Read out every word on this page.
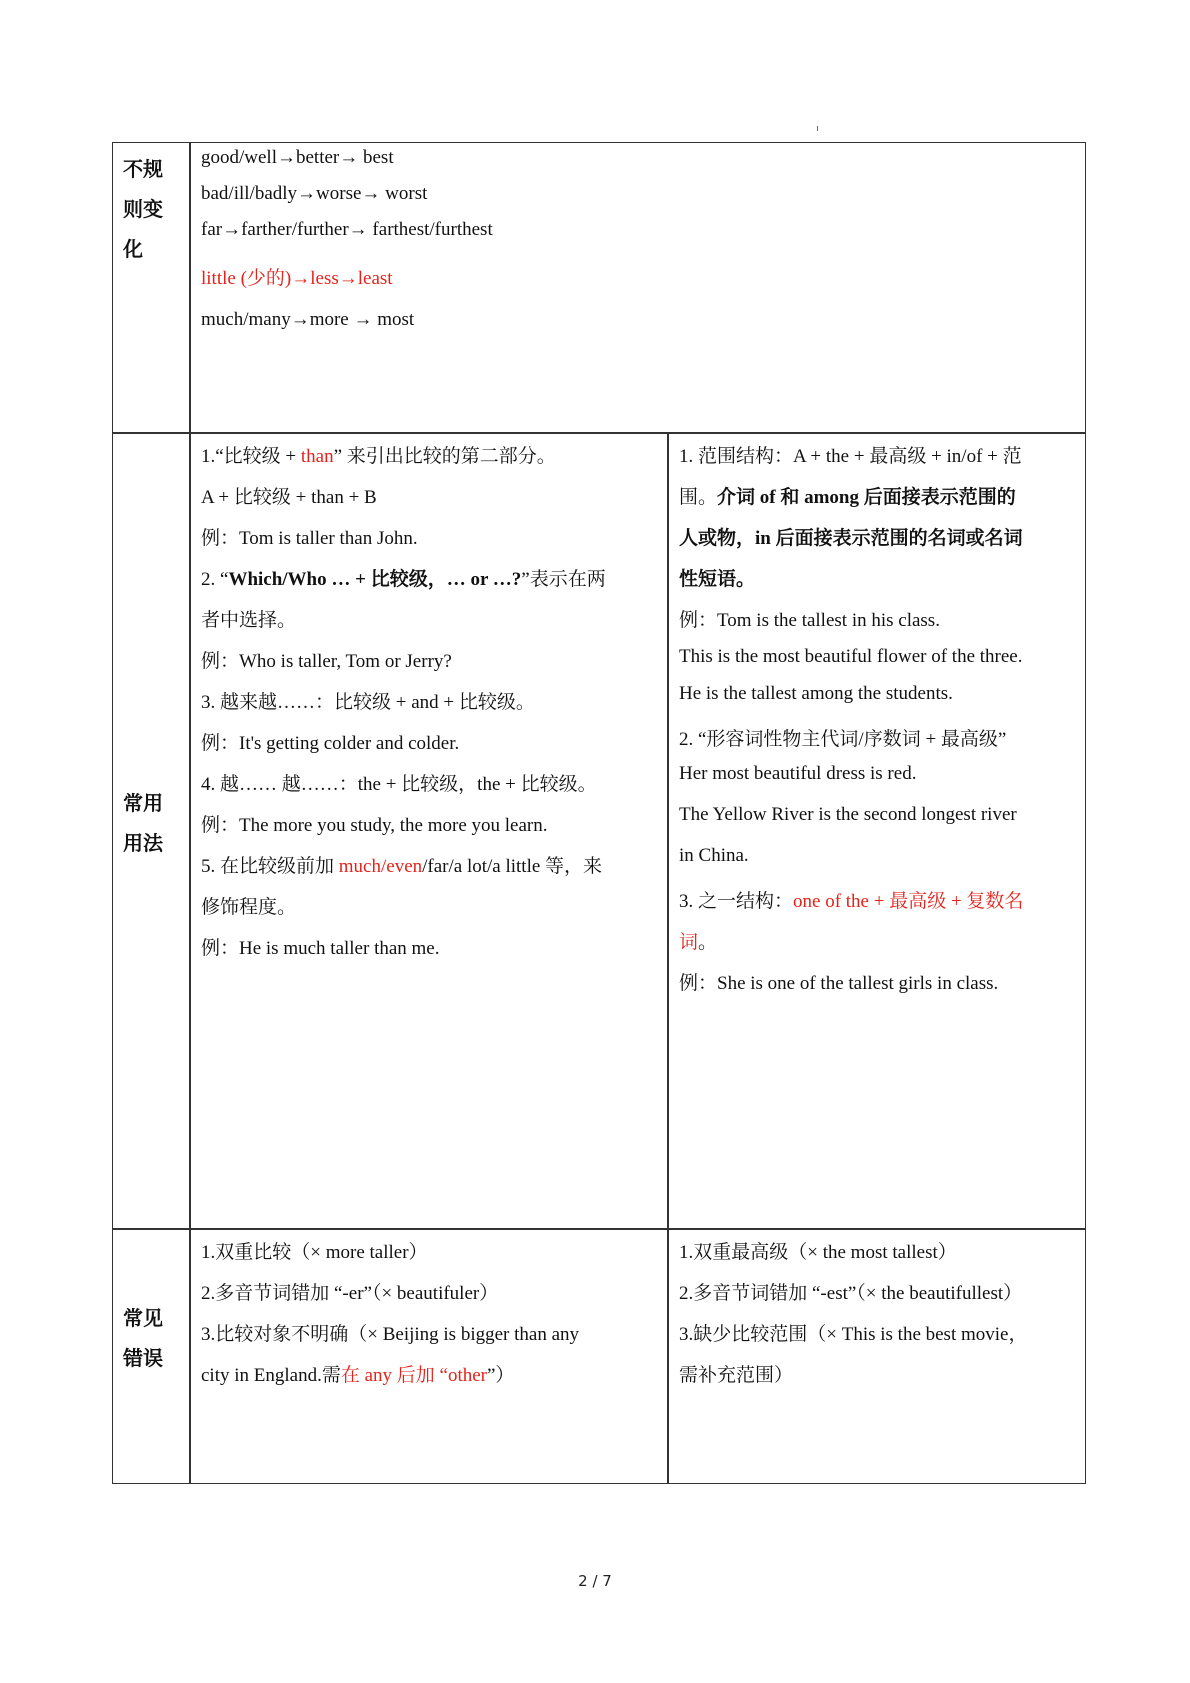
不规
则变
化
good/well→better→ best
bad/ill/badly→worse→ worst
far→farther/further→ farthest/furthest
little (少的)→less→least
much/many→more → most
常用
用法
1.“比较级 + than” 来引出比较的第二部分。
A + 比较级 + than + B
例：Tom is taller than John.
2. “Which/Who … + 比较级，… or …?”表示在两
者中选择。
例：Who is taller, Tom or Jerry?
3. 越来越……：比较级 + and + 比较级。
例：It's getting colder and colder.
4. 越…… 越……：the + 比较级，the + 比较级。
例：The more you study, the more you learn.
5. 在比较级前加 much/even/far/a lot/a little 等，来
修饰程度。
例：He is much taller than me.
1. 范围结构：A + the + 最高级 + in/of + 范
围。介词 of 和 among 后面接表示范围的
人或物，in 后面接表示范围的名词或名词
性短语。
例：Tom is the tallest in his class.
This is the most beautiful flower of the three.
He is the tallest among the students.
2. “形容词性物主代词/序数词 + 最高级”
Her most beautiful dress is red.
The Yellow River is the second longest river
in China.
3. 之一结构：one of the + 最高级 + 复数名
词。
例：She is one of the tallest girls in class.
常见
错误
1.双重比较（× more taller）
2.多音节词错加 “-er”（× beautifuler）
3.比较对象不明确（× Beijing is bigger than any
city in England.需在 any 后加 “other”）
1.双重最高级（× the most tallest）
2.多音节词错加 “-est”（× the beautifullest）
3.缺少比较范围（× This is the best movie，
需补充范围）
2 / 7
